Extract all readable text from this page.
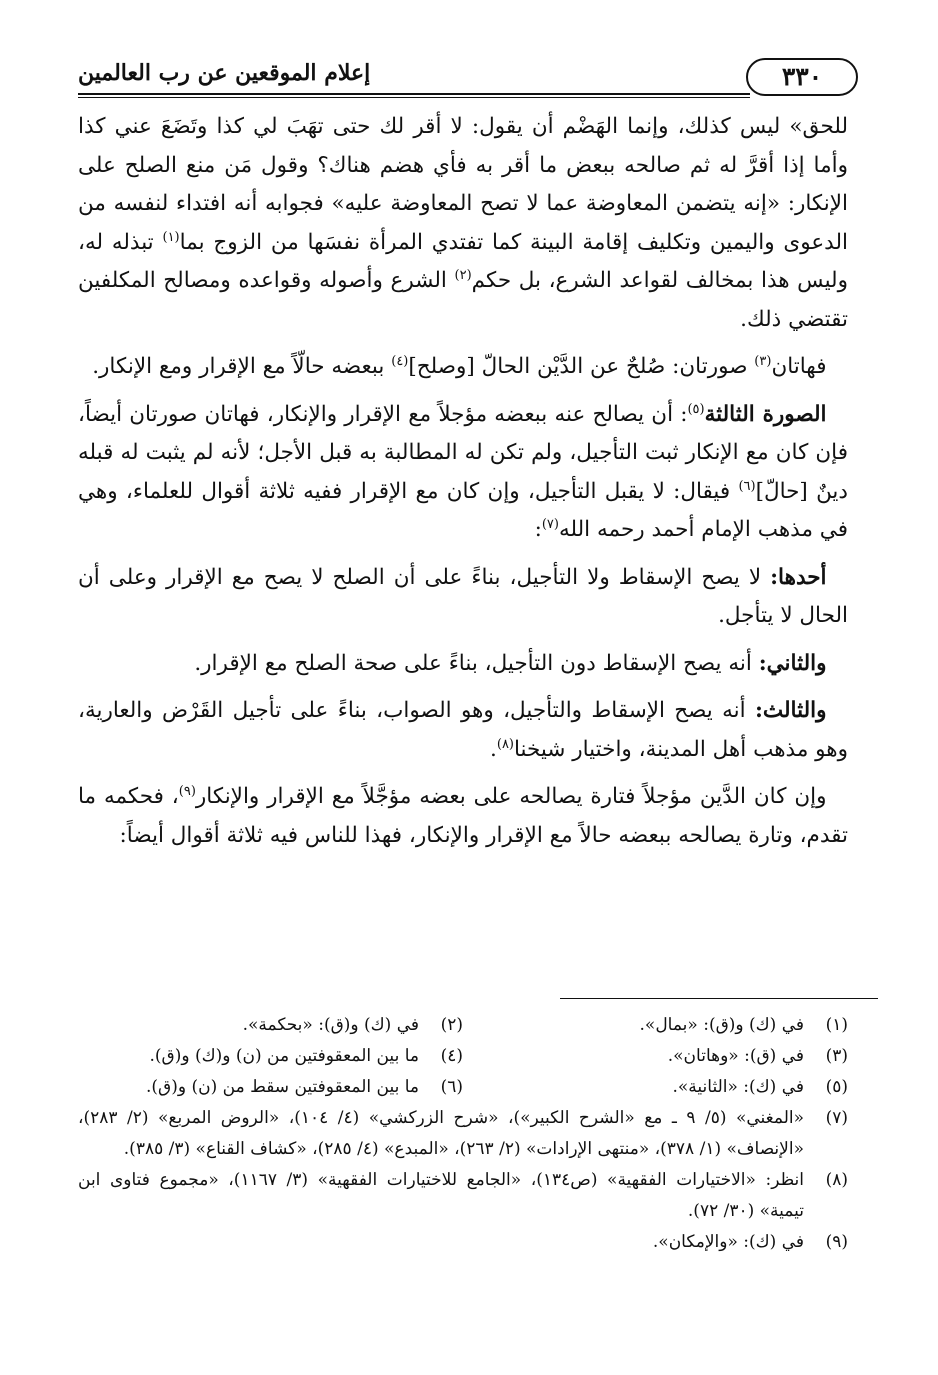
٣٣٠
إعلام الموقعين عن رب العالمين

للحق» ليس كذلك، وإنما الهَضْم أن يقول: لا أقر لك حتى تهَبَ لي كذا وتَضَعَ عني كذا وأما إذا أقرَّ له ثم صالحه ببعض ما أقر به فأي هضم هناك؟ وقول مَن منع الصلح على الإنكار: «إنه يتضمن المعاوضة عما لا تصح المعاوضة عليه» فجوابه أنه افتداء لنفسه من الدعوى واليمين وتكليف إقامة البينة كما تفتدي المرأة نفسَها من الزوج بما$^{(١)}$ تبذله له، وليس هذا بمخالف لقواعد الشرع، بل حكم$^{(٢)}$ الشرع وأصوله وقواعده ومصالح المكلفين تقتضي ذلك.

 فهاتان$^{(٣)}$ صورتان: صُلحٌ عن الدَّيْن الحالّ [وصلح]$^{(٤)}$ ببعضه حالّاً مع الإقرار ومع الإنكار.

 الصورة الثالثة$^{(٥)}$: أن يصالح عنه ببعضه مؤجلاً مع الإقرار والإنكار، فهاتان صورتان أيضاً، فإن كان مع الإنكار ثبت التأجيل، ولم تكن له المطالبة به قبل الأجل؛ لأنه لم يثبت له قبله دينٌ [حالّ]$^{(٦)}$ فيقال: لا يقبل التأجيل، وإن كان مع الإقرار ففيه ثلاثة أقوال للعلماء، وهي في مذهب الإمام أحمد رحمه الله$^{(٧)}$:

 أحدها: لا يصح الإسقاط ولا التأجيل، بناءً على أن الصلح لا يصح مع الإقرار وعلى أن الحال لا يتأجل.

 والثاني: أنه يصح الإسقاط دون التأجيل، بناءً على صحة الصلح مع الإقرار.

 والثالث: أنه يصح الإسقاط والتأجيل، وهو الصواب، بناءً على تأجيل القَرْض والعارية، وهو مذهب أهل المدينة، واختيار شيخنا$^{(٨)}$.

 وإن كان الدَّين مؤجلاً فتارة يصالحه على بعضه مؤجَّلاً مع الإقرار والإنكار$^{(٩)}$، فحكمه ما تقدم، وتارة يصالحه ببعضه حالاً مع الإقرار والإنكار، فهذا للناس فيه ثلاثة أقوال أيضاً:

(١)
في (ك) و(ق): «بمال».
(٢)
في (ك) و(ق): «بحكمة».
(٣)
في (ق): «وهاتان».
(٤)
ما بين المعقوفتين من (ن) و(ك) و(ق).
(٥)
في (ك): «الثانية».
(٦)
ما بين المعقوفتين سقط من (ن) و(ق).
(٧)
«المغني» (٥/ ٩ ـ مع «الشرح الكبير»)، «شرح الزركشي» (٤/ ١٠٤)، «الروض المربع» (٢/ ٢٨٣)، «الإنصاف» (١/ ٣٧٨)، «منتهى الإرادات» (٢/ ٢٦٣)، «المبدع» (٤/ ٢٨٥)، «كشاف القناع» (٣/ ٣٨٥).
(٨)
انظر: «الاختيارات الفقهية» (ص١٣٤)، «الجامع للاختيارات الفقهية» (٣/ ١١٦٧)، «مجموع فتاوى ابن تيمية» (٣٠/ ٧٢).
(٩)
في (ك): «والإمكان».
